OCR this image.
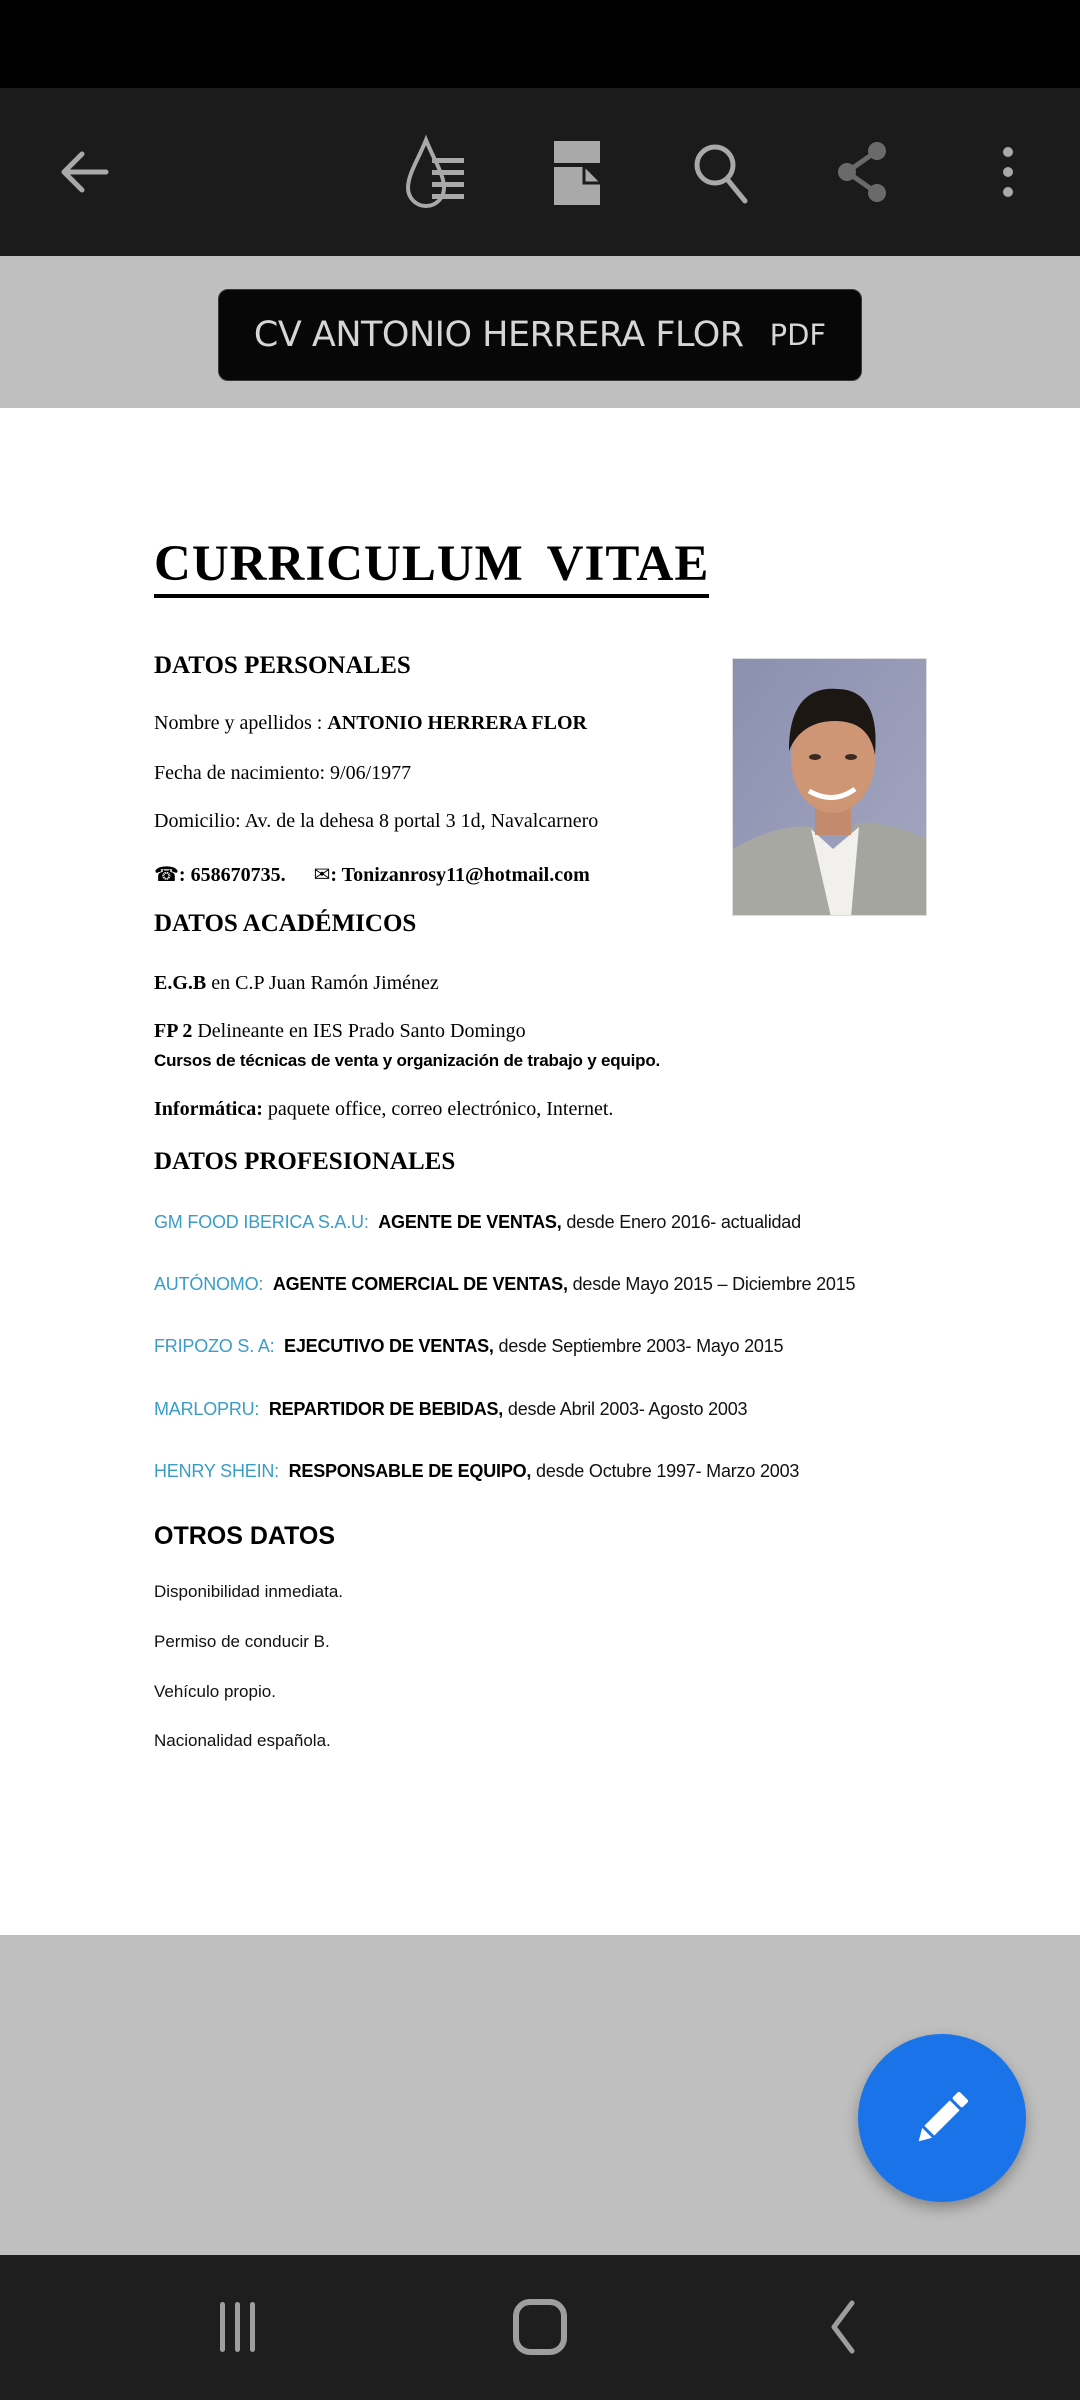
CV ANTONIO HERRERA FLOR PDF
CURRICULUM VITAE
DATOS PERSONALES
Nombre y apellidos : ANTONIO HERRERA FLOR
Fecha de nacimiento: 9/06/1977
Domicilio: Av. de la dehesa 8 portal 3 1d, Navalcarnero
☎: 658670735. ✉: Tonizanrosy11@hotmail.com
DATOS ACADÉMICOS
E.G.B en C.P Juan Ramón Jiménez
FP 2 Delineante en IES Prado Santo Domingo
Cursos de técnicas de venta y organización de trabajo y equipo.
Informática: paquete office, correo electrónico, Internet.
DATOS PROFESIONALES
GM FOOD IBERICA S.A.U: AGENTE DE VENTAS, desde Enero 2016- actualidad
AUTÓNOMO: AGENTE COMERCIAL DE VENTAS, desde Mayo 2015 – Diciembre 2015
FRIPOZO S. A: EJECUTIVO DE VENTAS, desde Septiembre 2003- Mayo 2015
MARLOPRU: REPARTIDOR DE BEBIDAS, desde Abril 2003- Agosto 2003
HENRY SHEIN: RESPONSABLE DE EQUIPO, desde Octubre 1997- Marzo 2003
OTROS DATOS
Disponibilidad inmediata.
Permiso de conducir B.
Vehículo propio.
Nacionalidad española.
